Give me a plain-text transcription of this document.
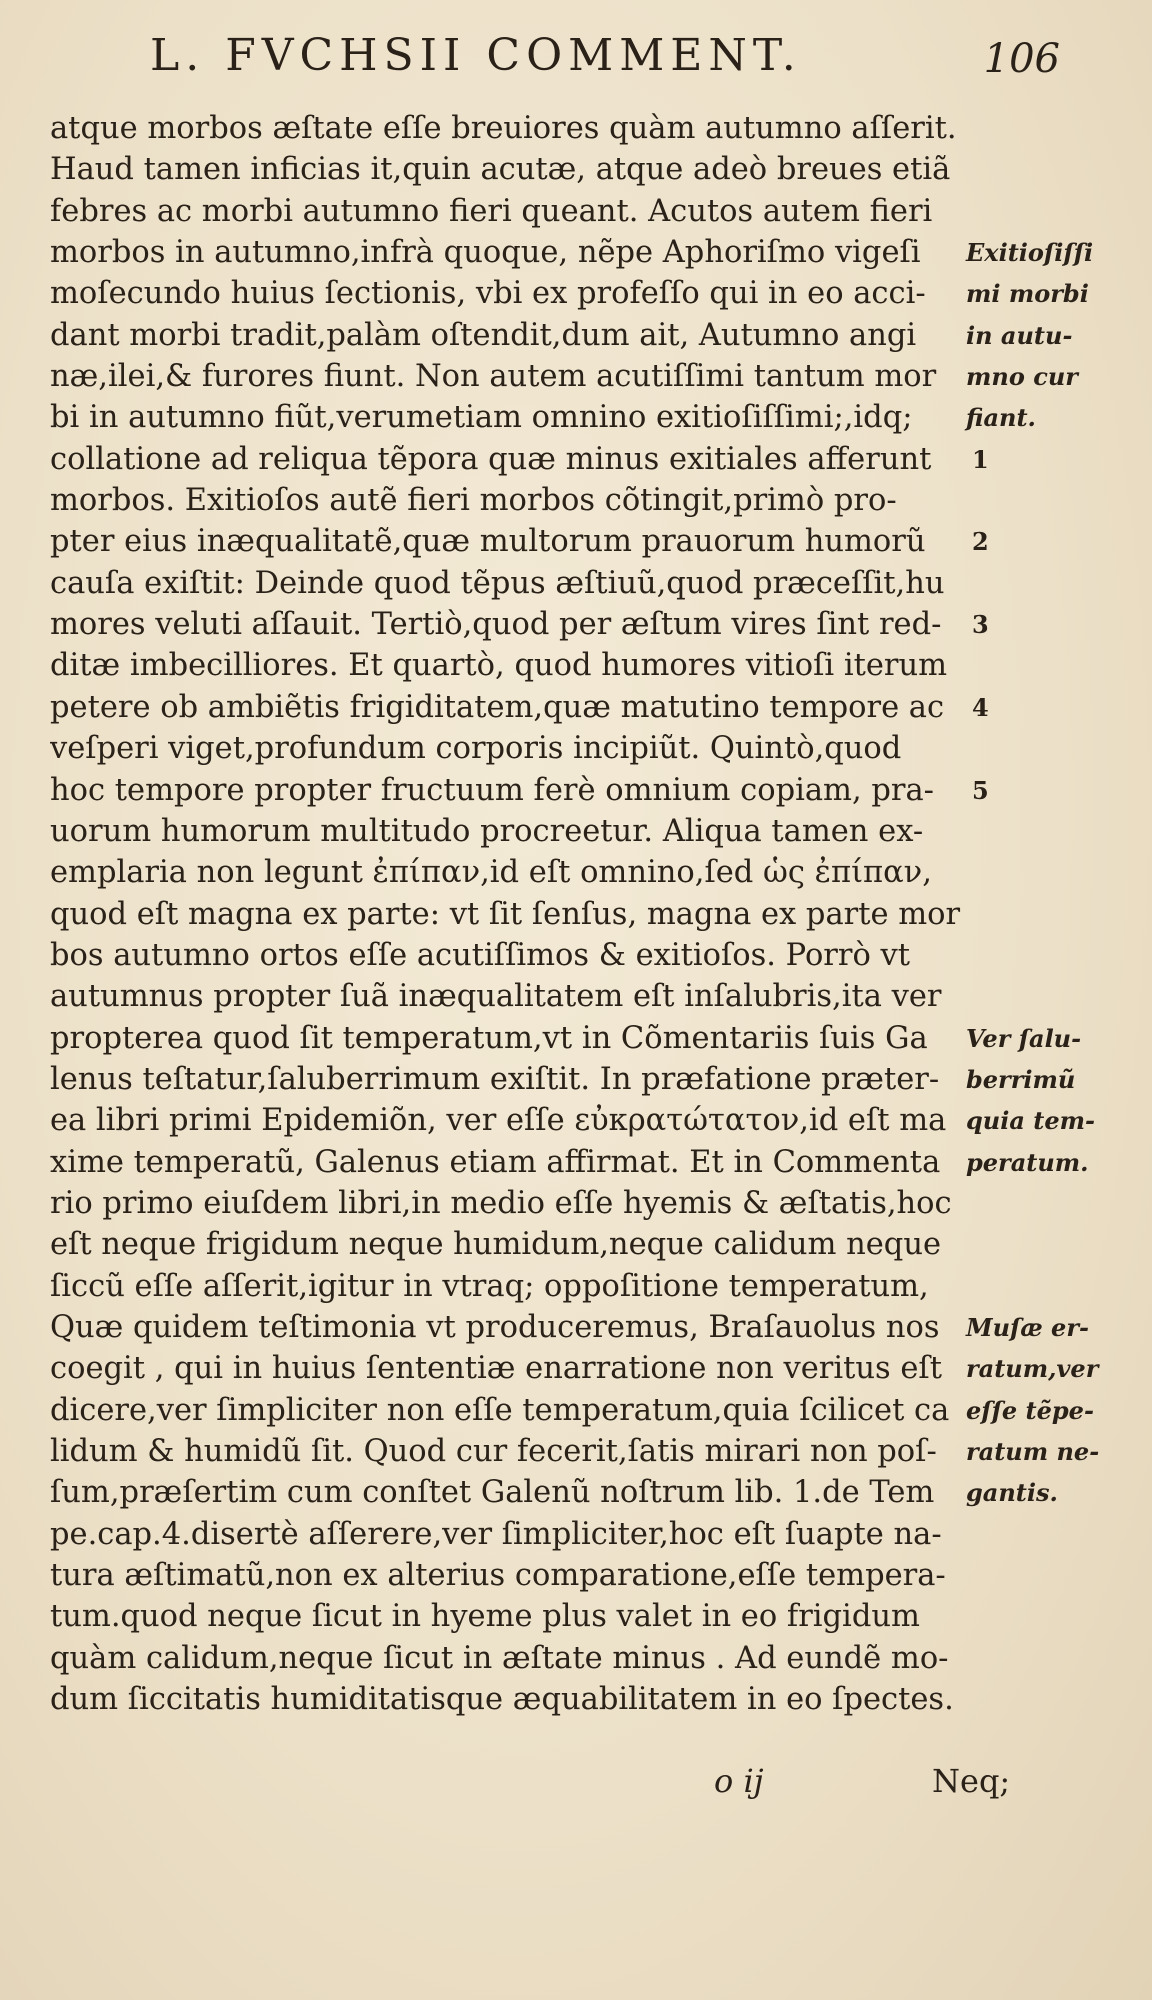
L. FVCHSII COMMENT.	106
atque morbos æſtate eſſe breuiores quàm autumno aſſerit.
Haud tamen inficias it,quin acutæ, atque adeò breues etiã
febres ac morbi autumno fieri queant. Acutos autem fieri
morbos in autumno,infrà quoque, nẽpe Aphoriſmo vigeſi
moſecundo huius ſectionis, vbi ex profeſſo qui in eo acci-
dant morbi tradit,palàm oſtendit,dum ait, Autumno angi
næ,ilei,& furores fiunt. Non autem acutiſſimi tantum mor
bi in autumno fiũt,verumetiam omnino exitioſiſſimi;,idq;
collatione ad reliqua tẽpora quæ minus exitiales afferunt
morbos. Exitioſos autẽ fieri morbos cõtingit,primò pro-
pter eius inæqualitatẽ,quæ multorum prauorum humorũ
cauſa exiſtit: Deinde quod tẽpus æſtiuũ,quod præceſſit,hu
mores veluti aſſauit. Tertiò,quod per æſtum vires ſint red-
ditæ imbecilliores. Et quartò, quod humores vitioſi iterum
petere ob ambiẽtis frigiditatem,quæ matutino tempore ac
veſperi viget,profundum corporis incipiũt. Quintò,quod
hoc tempore propter fructuum ferè omnium copiam, pra-
uorum humorum multitudo procreetur. Aliqua tamen ex-
emplaria non legunt ἐπίπαν,id eſt omnino,ſed ὡς ἐπίπαν,
quod eſt magna ex parte: vt ſit ſenſus, magna ex parte mor
bos autumno ortos eſſe acutiſſimos & exitioſos. Porrò vt
autumnus propter ſuã inæqualitatem eſt inſalubris,ita ver
propterea quod ſit temperatum,vt in Cõmentariis ſuis Ga
lenus teſtatur,ſaluberrimum exiſtit. In præfatione præter-
ea libri primi Epidemiõn, ver eſſe εὐκρατώτατον,id eſt ma
xime temperatũ, Galenus etiam affirmat. Et in Commenta
rio primo eiuſdem libri,in medio eſſe hyemis & æſtatis,hoc
eſt neque frigidum neque humidum,neque calidum neque
ſiccũ eſſe aſſerit,igitur in vtraq; oppoſitione temperatum,
Quæ quidem teſtimonia vt produceremus, Braſauolus nos
coegit , qui in huius ſententiæ enarratione non veritus eſt
dicere,ver ſimpliciter non eſſe temperatum,quia ſcilicet ca
lidum & humidũ ſit. Quod cur fecerit,ſatis mirari non poſ-
ſum,præſertim cum conſtet Galenũ noſtrum lib. 1.de Tem
pe.cap.4.disertè aſſerere,ver ſimpliciter,hoc eſt ſuapte na-
tura æſtimatũ,non ex alterius comparatione,eſſe tempera-
tum.quod neque ſicut in hyeme plus valet in eo frigidum
quàm calidum,neque ſicut in æſtate minus . Ad eundẽ mo-
dum ſiccitatis humiditatisque æquabilitatem in eo ſpectes.
Exitioſiſſi
mi morbi
in autu-
mno cur
fiant.
1
2
3
4
5
Ver ſalu-
berrimũ
quia tem-
peratum.
Muſæ er-
ratum,ver
eſſe tẽpe-
ratum ne-
gantis.
o ij	Neq;
